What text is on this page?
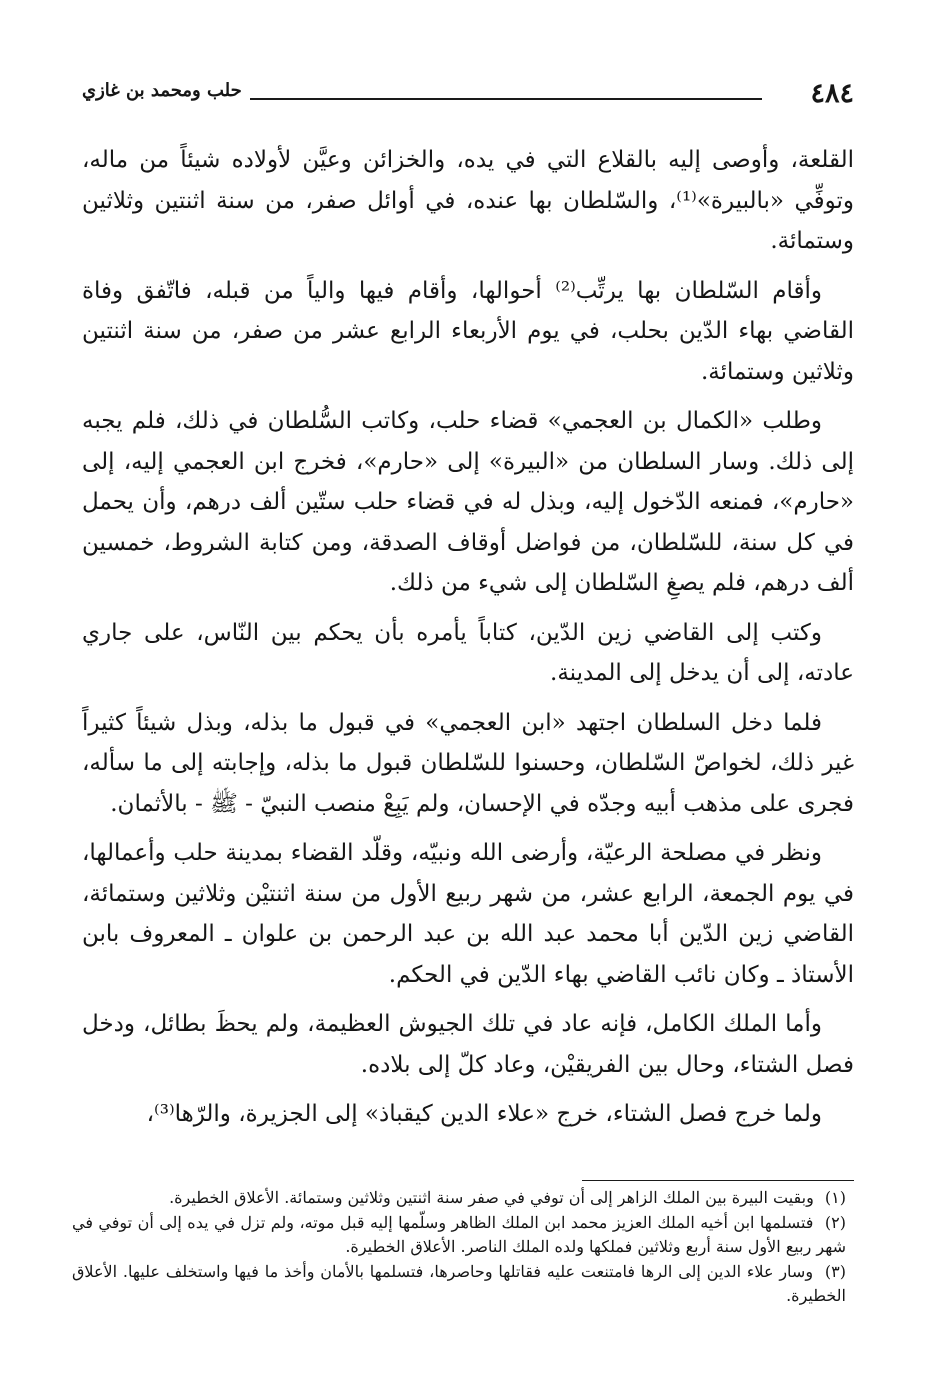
٤٨٤
حلب ومحمد بن غازي

القلعة، وأوصى إليه بالقلاع التي في يده، والخزائن وعيَّن لأولاده شيئاً من ماله، وتوفِّي «بالبيرة»⁽¹⁾، والسّلطان بها عنده، في أوائل صفر، من سنة اثنتين وثلاثين وستمائة.

وأقام السّلطان بها يرتِّب⁽²⁾ أحوالها، وأقام فيها والياً من قبله، فاتّفق وفاة القاضي بهاء الدّين بحلب، في يوم الأربعاء الرابع عشر من صفر، من سنة اثنتين وثلاثين وستمائة.

وطلب «الكمال بن العجمي» قضاء حلب، وكاتب السُّلطان في ذلك، فلم يجبه إلى ذلك. وسار السلطان من «البيرة» إلى «حارم»، فخرج ابن العجمي إليه، إلى «حارم»، فمنعه الدّخول إليه، وبذل له في قضاء حلب ستّين ألف درهم، وأن يحمل في كل سنة، للسّلطان، من فواضل أوقاف الصدقة، ومن كتابة الشروط، خمسين ألف درهم، فلم يصغِ السّلطان إلى شيء من ذلك.

وكتب إلى القاضي زين الدّين، كتاباً يأمره بأن يحكم بين النّاس، على جاري عادته، إلى أن يدخل إلى المدينة.

فلما دخل السلطان اجتهد «ابن العجمي» في قبول ما بذله، وبذل شيئاً كثيراً غير ذلك، لخواصّ السّلطان، وحسنوا للسّلطان قبول ما بذله، وإجابته إلى ما سأله، فجرى على مذهب أبيه وجدّه في الإحسان، ولم يَبِعْ منصب النبيّ - ﷺ - بالأثمان.

ونظر في مصلحة الرعيّة، وأرضى الله ونبيّه، وقلّد القضاء بمدينة حلب وأعمالها، في يوم الجمعة، الرابع عشر، من شهر ربيع الأول من سنة اثنتيْن وثلاثين وستمائة، القاضي زين الدّين أبا محمد عبد الله بن عبد الرحمن بن علوان ـ المعروف بابن الأستاذ ـ وكان نائب القاضي بهاء الدّين في الحكم.

وأما الملك الكامل، فإنه عاد في تلك الجيوش العظيمة، ولم يحظَ بطائل، ودخل فصل الشتاء، وحال بين الفريقيْن، وعاد كلّ إلى بلاده.

ولما خرج فصل الشتاء، خرج «علاء الدين كيقباذ» إلى الجزيرة، والرّها⁽³⁾،

(١) وبقيت البيرة بين الملك الزاهر إلى أن توفي في صفر سنة اثنتين وثلاثين وستمائة. الأعلاق الخطيرة.

(٢) فتسلمها ابن أخيه الملك العزيز محمد ابن الملك الظاهر وسلّمها إليه قبل موته، ولم تزل في يده إلى أن توفي في شهر ربيع الأول سنة أربع وثلاثين فملكها ولده الملك الناصر. الأعلاق الخطيرة.

(٣) وسار علاء الدين إلى الرها فامتنعت عليه فقاتلها وحاصرها، فتسلمها بالأمان وأخذ ما فيها واستخلف عليها. الأعلاق الخطيرة.
